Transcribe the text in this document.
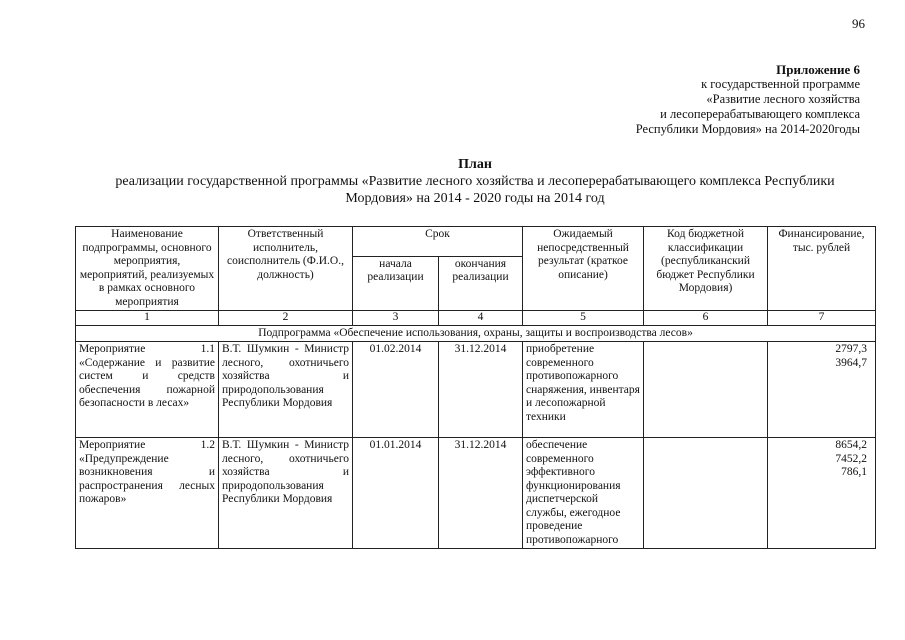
96
Приложение 6
к государственной программе
«Развитие лесного хозяйства
и лесоперерабатывающего комплекса
Республики Мордовия» на 2014-2020годы
План
реализации государственной программы «Развитие лесного хозяйства и лесоперерабатывающего комплекса Республики
Мордовия» на 2014 - 2020 годы на 2014 год
Наименование подпрограммы, основного мероприятия, мероприятий, реализуемых в рамках основного мероприятия	Ответственный исполнитель, соисполнитель (Ф.И.О., должность)	Срок		Ожидаемый непосредственный результат (краткое описание)	Код бюджетной классификации (республиканский бюджет Республики Мордовия)	Финансирование, тыс. рублей
		начала реализации	окончания реализации			
1	2	3	4	5	6	7
Подпрограмма «Обеспечение использования, охраны, защиты и воспроизводства лесов»						
Мероприятие 1.1 «Содержание и развитие систем и средств обеспечения пожарной безопасности в лесах»	В.Т. Шумкин - Министр лесного, охотничьего хозяйства и природопользования Республики Мордовия	01.02.2014	31.12.2014	приобретение современного противопожарного снаряжения, инвентаря и лесопожарной техники		2797,3
3964,7

Мероприятие 1.2 «Предупреждение возникновения и распространения лесных пожаров»	В.Т. Шумкин - Министр лесного, охотничьего хозяйства и природопользования Республики Мордовия	01.01.2014	31.12.2014	обеспечение современного эффективного функционирования диспетчерской службы, ежегодное проведение противопожарного		8654,2
7452,2
786,1
